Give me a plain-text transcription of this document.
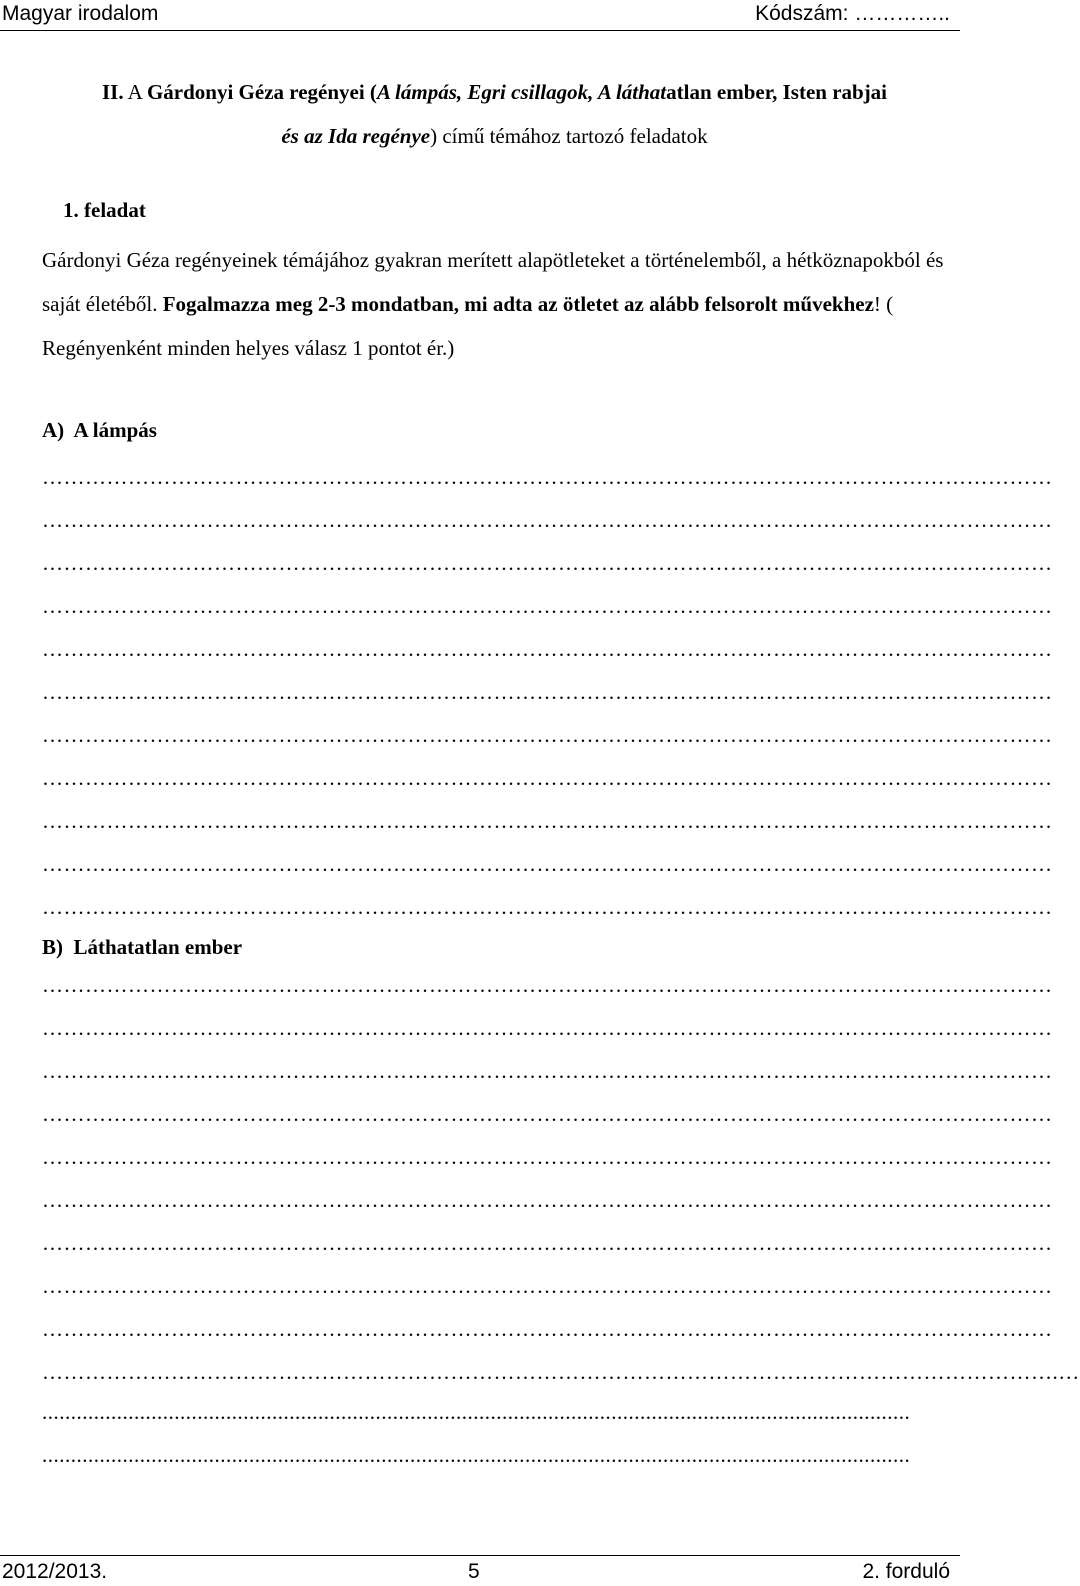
Magyar irodalom	Kódszám: …………..
II. A Gárdonyi Géza regényei (A lámpás, Egri csillagok, A láthatatlan ember, Isten rabjai
és az Ida regénye) című témához tartozó feladatok
1. feladat
Gárdonyi Géza regényeinek témájához gyakran merített alapötleteket a történelemből, a hétköznapokból és saját életéből. Fogalmazza meg 2-3 mondatban, mi adta az ötletet az alább felsorolt művekhez! ( Regényenként minden helyes válasz 1 pontot ér.)
A)  A lámpás
……………………………………………………………………………………………………………………………
……………………………………………………………………………………………………………………………
……………………………………………………………………………………………………………………………
……………………………………………………………………………………………………………………………
……………………………………………………………………………………………………………………………
……………………………………………………………………………………………………………………………
……………………………………………………………………………………………………………………………
……………………………………………………………………………………………………………………………
……………………………………………………………………………………………………………………………
……………………………………………………………………………………………………………………………
……………………………………………………………………………………………………………………………
B)  Láthatatlan ember
……………………………………………………………………………………………………………………………
……………………………………………………………………………………………………………………………
……………………………………………………………………………………………………………………………
……………………………………………………………………………………………………………………………
……………………………………………………………………………………………………………………………
……………………………………………………………………………………………………………………………
……………………………………………………………………………………………………………………………
……………………………………………………………………………………………………………………………
……………………………………………………………………………………………………………………………
…………………………………………………………………………………………………………………………….…
.......................................................................................................................................................
.......................................................................................................................................................
2012/2013.	5	2. forduló
